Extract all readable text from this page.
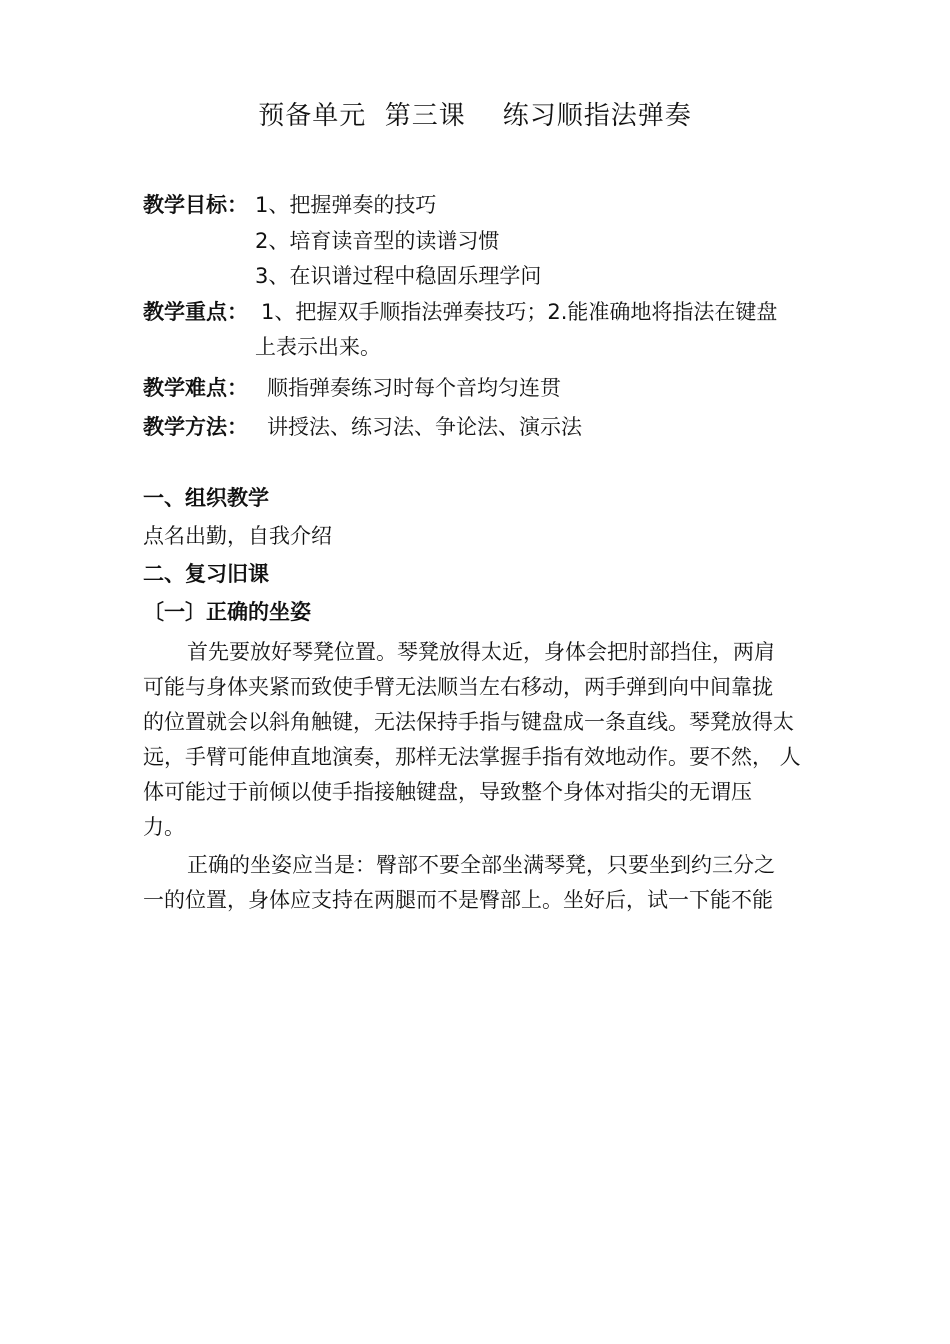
预备单元  第三课    练习顺指法弹奏
教学目标： 1、把握弹奏的技巧
2、培育读音型的读谱习惯
3、在识谱过程中稳固乐理学问
教学重点： 1、把握双手顺指法弹奏技巧；2.能准确地将指法在键盘
上表示出来。
教学难点： 顺指弹奏练习时每个音均匀连贯
教学方法： 讲授法、练习法、争论法、演示法
一、组织教学
点名出勤，自我介绍
二、复习旧课
〔一〕正确的坐姿
首先要放好琴凳位置。琴凳放得太近，身体会把肘部挡住，两肩
可能与身体夹紧而致使手臂无法顺当左右移动，两手弹到向中间靠拢
的位置就会以斜角触键，无法保持手指与键盘成一条直线。琴凳放得太
远，手臂可能伸直地演奏，那样无法掌握手指有效地动作。要不然， 人
体可能过于前倾以使手指接触键盘，导致整个身体对指尖的无谓压
力。
正确的坐姿应当是：臀部不要全部坐满琴凳，只要坐到约三分之
一的位置，身体应支持在两腿而不是臀部上。坐好后，试一下能不能
